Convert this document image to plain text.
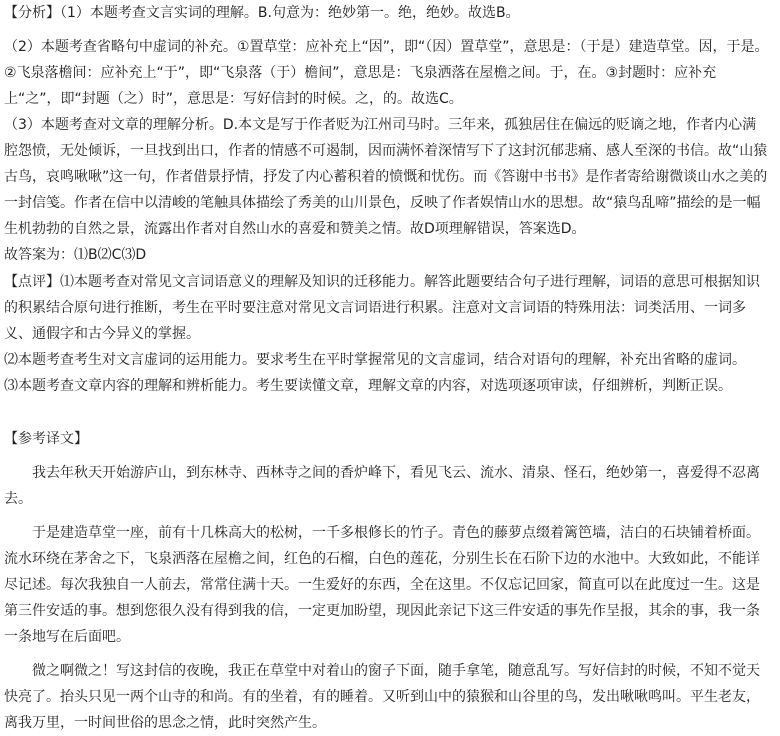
【分析】（1）本题考查文言实词的理解。B.句意为：绝妙第一。绝，绝妙。故选B。

（2）本题考查省略句中虚词的补充。①置草堂：应补充上“因”，即“（因）置草堂”，意思是：（于是）建造草堂。因，于是。②飞泉落檐间：应补充上“于”，即“飞泉落（于）檐间”，意思是：飞泉洒落在屋檐之间。于，在。③封题时：应补充上“之”，即“封题（之）时”，意思是：写好信封的时候。之，的。故选C。

（3）本题考查对文章的理解分析。D.本文是写于作者贬为江州司马时。三年来，孤独居住在偏远的贬谪之地，作者内心满腔怨愤，无处倾诉，一旦找到出口，作者的情感不可遏制，因而满怀着深情写下了这封沉郁悲痛、感人至深的书信。故“山猿古鸟，哀鸣啾啾”这一句，作者借景抒情，抒发了内心蓄积着的愤慨和忧伤。而《答谢中书书》是作者寄给谢微谈山水之美的一封信笺。作者在信中以清峻的笔触具体描绘了秀美的山川景色，反映了作者娱情山水的思想。故“猿鸟乱啼”描绘的是一幅生机勃勃的自然之景，流露出作者对自然山水的喜爱和赞美之情。故D项理解错误，答案选D。

故答案为：⑴B⑵C⑶D

【点评】⑴本题考查对常见文言词语意义的理解及知识的迁移能力。解答此题要结合句子进行理解，词语的意思可根据知识的积累结合原句进行推断，考生在平时要注意对常见文言词语进行积累。注意对文言词语的特殊用法：词类活用、一词多义、通假字和古今异义的掌握。

⑵本题考查考生对文言虚词的运用能力。要求考生在平时掌握常见的文言虚词，结合对语句的理解，补充出省略的虚词。

⑶本题考查文章内容的理解和辨析能力。考生要读懂文章，理解文章的内容，对选项逐项审读，仔细辨析，判断正误。

【参考译文】

我去年秋天开始游庐山，到东林寺、西林寺之间的香炉峰下，看见飞云、流水、清泉、怪石，绝妙第一，喜爱得不忍离去。

于是建造草堂一座，前有十几株高大的松树，一千多根修长的竹子。青色的藤萝点缀着篱笆墙，洁白的石块铺着桥面。流水环绕在茅舍之下，飞泉洒落在屋檐之间，红色的石榴，白色的莲花，分别生长在石阶下边的水池中。大致如此，不能详尽记述。每次我独自一人前去，常常住满十天。一生爱好的东西，全在这里。不仅忘记回家，简直可以在此度过一生。这是第三件安适的事。想到您很久没有得到我的信，一定更加盼望，现因此亲记下这三件安适的事先作呈报，其余的事，我一条一条地写在后面吧。

微之啊微之！写这封信的夜晚，我正在草堂中对着山的窗子下面，随手拿笔，随意乱写。写好信封的时候，不知不觉天快亮了。抬头只见一两个山寺的和尚。有的坐着，有的睡着。又听到山中的猿猴和山谷里的鸟，发出啾啾鸣叫。平生老友，离我万里，一时间世俗的思念之情，此时突然产生。
